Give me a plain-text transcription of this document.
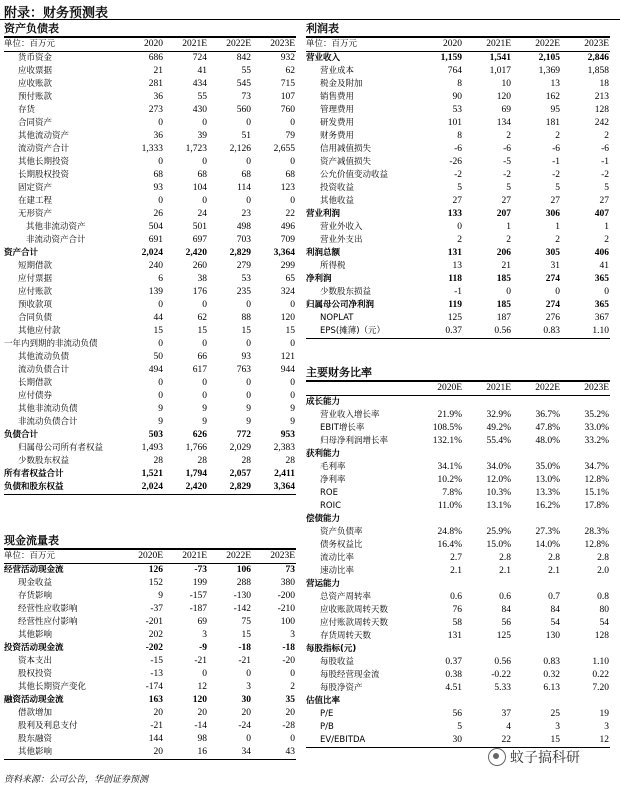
附录：财务预测表
资产负债表
单位：百万元	2020	2021E	2022E	2023E
货币资金	686	724	842	932
应收票据	21	41	55	62
应收账款	281	434	545	715
预付账款	36	55	73	107
存货	273	430	560	760
合同资产	0	0	0	0
其他流动资产	36	39	51	79
流动资产合计	1,333	1,723	2,126	2,655
其他长期投资	0	0	0	0
长期股权投资	68	68	68	68
固定资产	93	104	114	123
在建工程	0	0	0	0
无形资产	26	24	23	22
其他非流动资产	504	501	498	496
非流动资产合计	691	697	703	709
资产合计	2,024	2,420	2,829	3,364
短期借款	240	260	279	299
应付票据	6	38	53	65
应付账款	139	176	235	324
预收款项	0	0	0	0
合同负债	44	62	88	120
其他应付款	15	15	15	15
一年内到期的非流动负债	0	0	0	0
其他流动负债	50	66	93	121
流动负债合计	494	617	763	944
长期借款	0	0	0	0
应付债券	0	0	0	0
其他非流动负债	9	9	9	9
非流动负债合计	9	9	9	9
负债合计	503	626	772	953
归属母公司所有者权益	1,493	1,766	2,029	2,383
少数股东权益	28	28	28	28
所有者权益合计	1,521	1,794	2,057	2,411
负债和股东权益	2,024	2,420	2,829	3,364
现金流量表
单位：百万元	2020E	2021E	2022E	2023E
经营活动现金流	126	-73	106	73
现金收益	152	199	288	380
存货影响	9	-157	-130	-200
经营性应收影响	-37	-187	-142	-210
经营性应付影响	-201	69	75	100
其他影响	202	3	15	3
投资活动现金流	-202	-9	-18	-18
资本支出	-15	-21	-21	-20
股权投资	-13	0	0	0
其他长期资产变化	-174	12	3	2
融资活动现金流	163	120	30	35
借款增加	20	20	20	20
股利及利息支付	-21	-14	-24	-28
股东融资	144	98	0	0
其他影响	20	16	34	43
利润表
单位：百万元	2020	2021E	2022E	2023E
营业收入	1,159	1,541	2,105	2,846
营业成本	764	1,017	1,369	1,858
税金及附加	8	10	13	18
销售费用	90	120	162	213
管理费用	53	69	95	128
研发费用	101	134	181	242
财务费用	8	2	2	2
信用减值损失	-6	-6	-6	-6
资产减值损失	-26	-5	-1	-1
公允价值变动收益	-2	-2	-2	-2
投资收益	5	5	5	5
其他收益	27	27	27	27
营业利润	133	207	306	407
营业外收入	0	1	1	1
营业外支出	2	2	2	2
利润总额	131	206	305	406
所得税	13	21	31	41
净利润	118	185	274	365
少数股东损益	-1	0	0	0
归属母公司净利润	119	185	274	365
NOPLAT	125	187	276	367
EPS(摊薄)（元）	0.37	0.56	0.83	1.10
主要财务比率
	2020E	2021E	2022E	2023E
成长能力				
营业收入增长率	21.9%	32.9%	36.7%	35.2%
EBIT增长率	108.5%	49.2%	47.8%	33.0%
归母净利润增长率	132.1%	55.4%	48.0%	33.2%
获利能力				
毛利率	34.1%	34.0%	35.0%	34.7%
净利率	10.2%	12.0%	13.0%	12.8%
ROE	7.8%	10.3%	13.3%	15.1%
ROIC	11.0%	13.1%	16.2%	17.8%
偿债能力				
资产负债率	24.8%	25.9%	27.3%	28.3%
债务权益比	16.4%	15.0%	14.0%	12.8%
流动比率	2.7	2.8	2.8	2.8
速动比率	2.1	2.1	2.1	2.0
营运能力				
总资产周转率	0.6	0.6	0.7	0.8
应收账款周转天数	76	84	84	80
应付账款周转天数	58	56	54	54
存货周转天数	131	125	130	128
每股指标(元)				
每股收益	0.37	0.56	0.83	1.10
每股经营现金流	0.38	-0.22	0.32	0.22
每股净资产	4.51	5.33	6.13	7.20
估值比率				
P/E	56	37	25	19
P/B	5	4	3	3
EV/EBITDA	30	22	15	12
资料来源：公司公告，华创证券预测
蚊子搞科研
